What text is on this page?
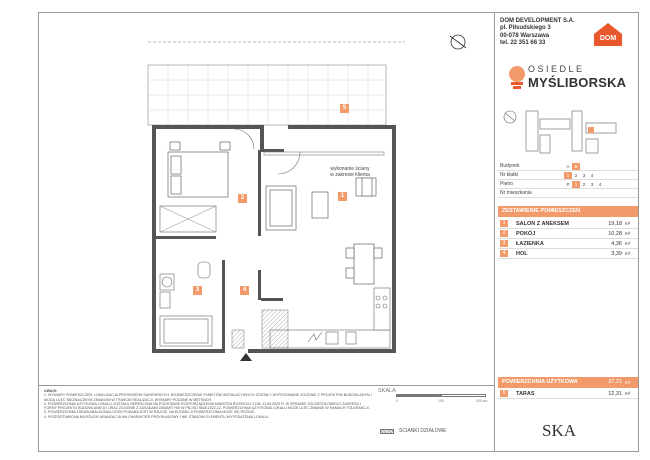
5
2	1
3	4
wykonanie ściany
w zakresie klienta
UWAGI:
1. WYMIARY POMIESZCZEŃ, LOKALIZACJA PRZYBORÓW SANITARNYCH, ROZMIESZCZENIE PUNKTÓW INSTALACYJNYCH ZOSTAŁY WYRYSOWANE ZGODNIE Z PROJEKTEM BUDOWLANYM I MOGĄ ULEC NIEZNACZNYM ZMIANOM W TRAKCIE REALIZACJI. WYMIARY PODANE W METRACH.
2. POWIERZCHNIA UŻYTKOWA LOKALU ZOSTAŁA OKREŚLONA NA PODSTAWIE ROZPORZĄDZENIA MINISTRA ROZWOJU Z DN. 11.09.2020 R. W SPRAWIE SZCZEGÓŁOWEGO ZAKRESU I FORMY PROJEKTU BUDOWLANEGO ORAZ ZGODNIE Z ZASADAMI ZAWARTYMI W PN-ISO 9836:2022-12. POWIERZCHNIA UŻYTKOWA LOKALU MOŻE ULEC ZMIANIE W RAMACH TOLERANCJI.
3. POWIERZCHNIA TARASU/BALKONU/LOGGII PODANA JEST W RZUCIE. NA ELEWACJI POWIERZCHNIA MOŻE SIĘ RÓŻNIĆ.
4. PRZEDSTAWIONA NA RZUCIE ARANŻACJA MA CHARAKTER PRZYKŁADOWY I NIE STANOWI ELEMENTU WYPOSAŻENIA LOKALU.
SKALA
0	100	200 cm
ŚCIANKI DZIAŁOWE
DOM DEVELOPMENT S.A.
pl. Piłsudskiego 3
00-078 Warszawa
tel. 22 351 66 33
DOM
OSIEDLE
MYŚLIBORSKA
Budynek	A	B
Nr klatki	1	2	3	4
Piętro	P	1	2	3	4
Nr mieszkania
ZESTAWIENIE POMIESZCZEŃ
1	SALON Z ANEKSEM	19,18 m²
2	POKÓJ	10,28 m²
3	ŁAZIENKA	4,36 m²
4	HOL	3,39 m²
POWIERZCHNIA UŻYTKOWA	37,21 m²
5	TARAS	12,31 m²
SKA
